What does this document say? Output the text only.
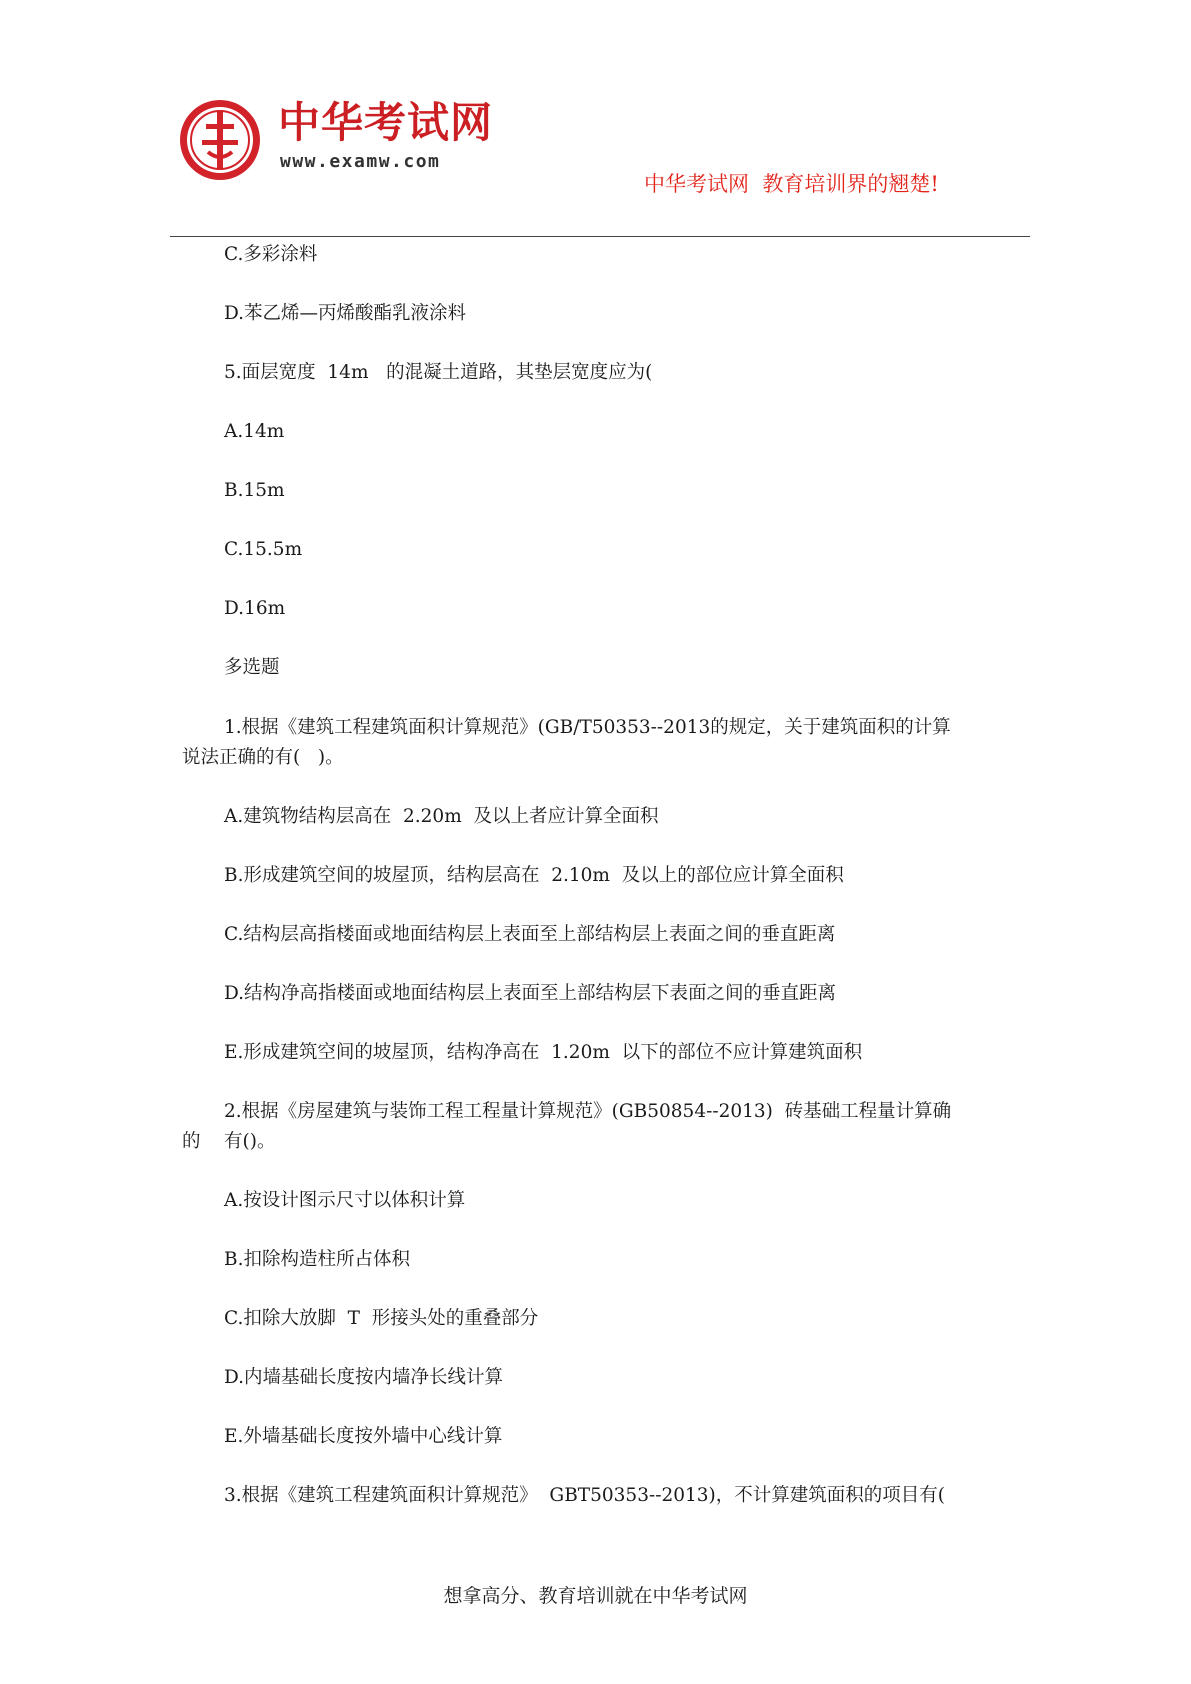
中华考试网
www.examw.com
中华考试网  教育培训界的翘楚!
C.多彩涂料
D.苯乙烯—丙烯酸酯乳液涂料
5.面层宽度  14m   的混凝土道路，其垫层宽度应为(
A.14m
B.15m
C.15.5m
D.16m
多选题
1.根据《建筑工程建筑面积计算规范》(GB/T50353--2013的规定，关于建筑面积的计算
说法正确的有(   )。
A.建筑物结构层高在  2.20m  及以上者应计算全面积
B.形成建筑空间的坡屋顶，结构层高在  2.10m  及以上的部位应计算全面积
C.结构层高指楼面或地面结构层上表面至上部结构层上表面之间的垂直距离
D.结构净高指楼面或地面结构层上表面至上部结构层下表面之间的垂直距离
E.形成建筑空间的坡屋顶，结构净高在  1.20m  以下的部位不应计算建筑面积
2.根据《房屋建筑与装饰工程工程量计算规范》(GB50854--2013)  砖基础工程量计算确
的    有()。
A.按设计图示尺寸以体积计算
B.扣除构造柱所占体积
C.扣除大放脚  T  形接头处的重叠部分
D.内墙基础长度按内墙净长线计算
E.外墙基础长度按外墙中心线计算
3.根据《建筑工程建筑面积计算规范》  GBT50353--2013)，不计算建筑面积的项目有(
想拿高分、教育培训就在中华考试网
